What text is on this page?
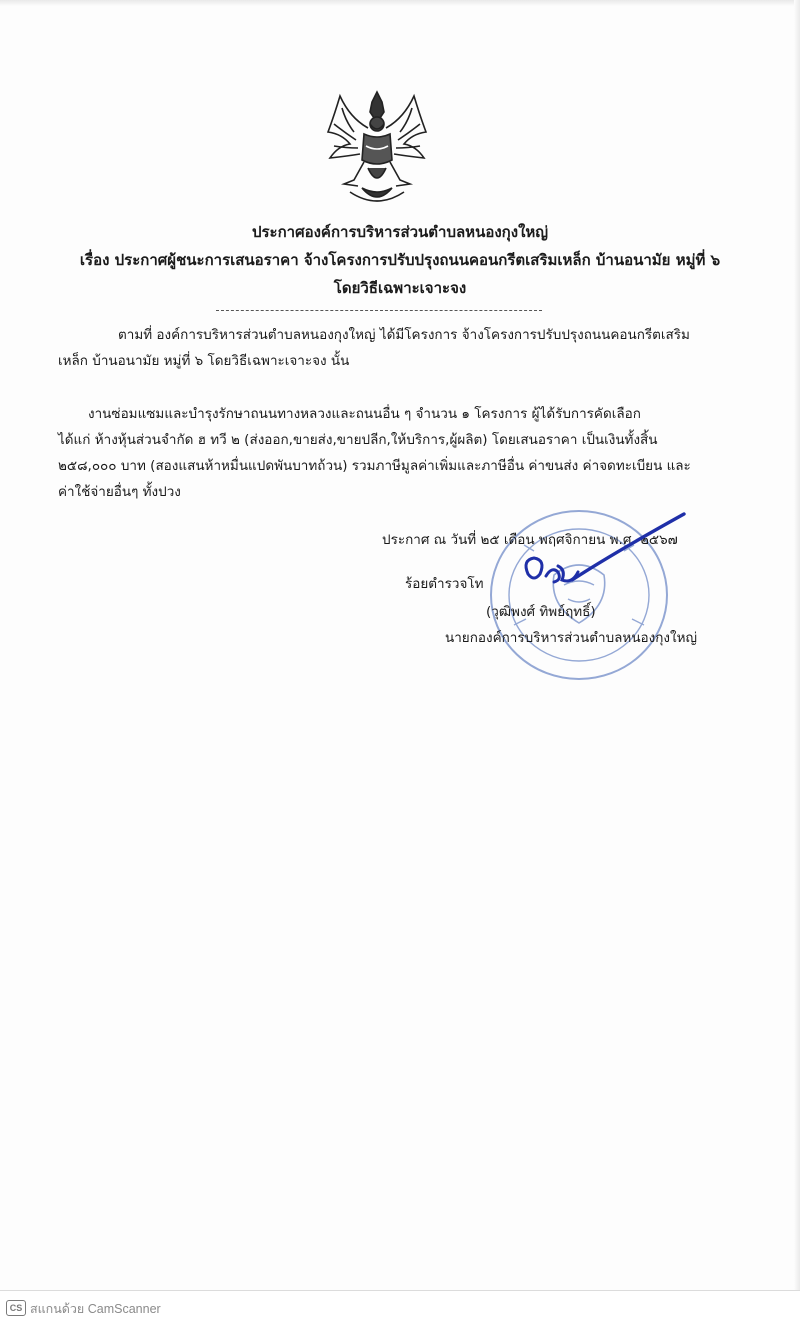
ประกาศองค์การบริหารส่วนตำบลหนองกุงใหญ่
เรื่อง ประกาศผู้ชนะการเสนอราคา จ้างโครงการปรับปรุงถนนคอนกรีตเสริมเหล็ก บ้านอนามัย หมู่ที่ ๖
โดยวิธีเฉพาะเจาะจง
ตามที่ องค์การบริหารส่วนตำบลหนองกุงใหญ่ ได้มีโครงการ จ้างโครงการปรับปรุงถนนคอนกรีตเสริม
เหล็ก บ้านอนามัย หมู่ที่ ๖ โดยวิธีเฉพาะเจาะจง นั้น
งานซ่อมแซมและบำรุงรักษาถนนทางหลวงและถนนอื่น ๆ จำนวน ๑ โครงการ ผู้ได้รับการคัดเลือก
ได้แก่ ห้างหุ้นส่วนจำกัด ฮ ทวี ๒ (ส่งออก,ขายส่ง,ขายปลีก,ให้บริการ,ผู้ผลิต) โดยเสนอราคา เป็นเงินทั้งสิ้น
๒๕๘,๐๐๐ บาท (สองแสนห้าหมื่นแปดพันบาทถ้วน) รวมภาษีมูลค่าเพิ่มและภาษีอื่น ค่าขนส่ง ค่าจดทะเบียน และ
ค่าใช้จ่ายอื่นๆ ทั้งปวง
ประกาศ ณ วันที่ ๒๕ เดือน พฤศจิกายน พ.ศ. ๒๕๖๗
ร้อยตำรวจโท
(วุฒิพงศ์ ทิพย์ฤทธิ์)
นายกองค์การบริหารส่วนตำบลหนองกุงใหญ่
CS สแกนด้วย CamScanner
